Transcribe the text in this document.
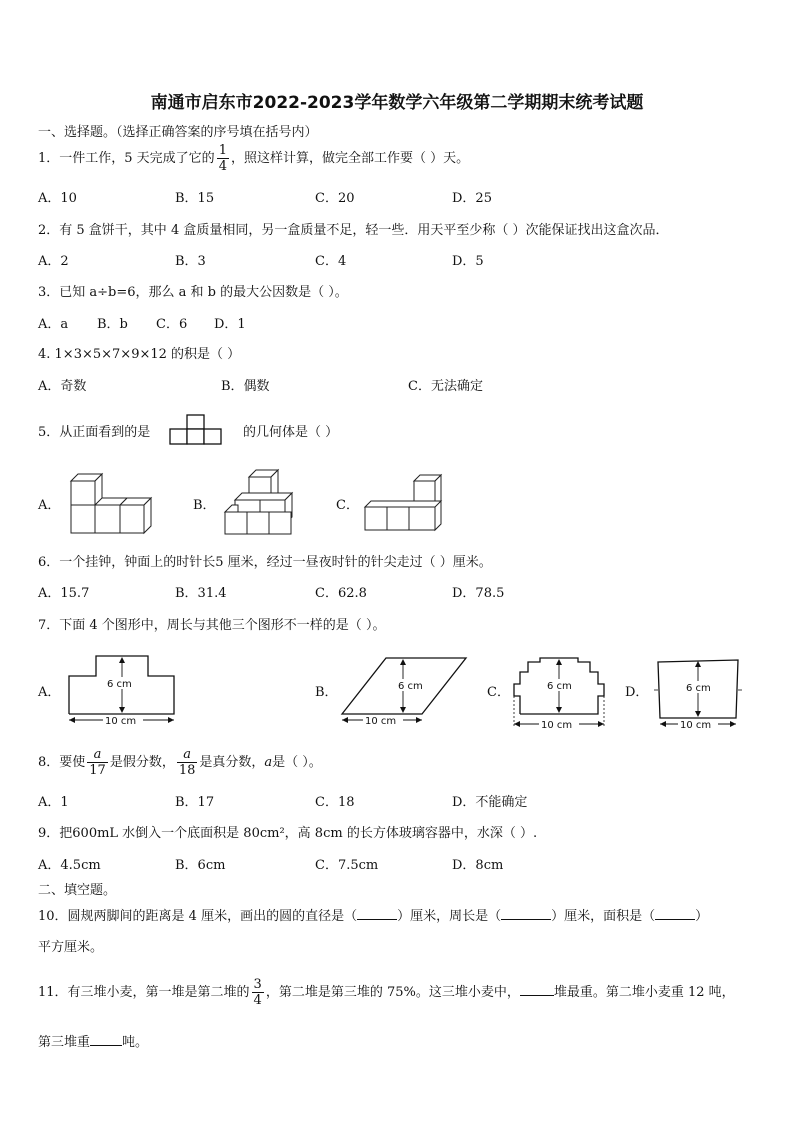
南通市启东市2022-2023学年数学六年级第二学期期末统考试题
一、选择题。（选择正确答案的序号填在括号内）
1．一件工作，5 天完成了它的 $\frac{1}{4}$ ，照这样计算，做完全部工作要（ ）天。
A．10	B．15	C．20	D．25
2．有 5 盒饼干，其中 4 盒质量相同，另一盒质量不足，轻一些．用天平至少称（ ）次能保证找出这盒次品．
A．2	B．3	C．4	D．5
3．已知 a÷b=6，那么 a 和 b 的最大公因数是（ ）。
A．a B．b C．6 D．1
4. 1×3×5×7×9×12 的积是（ ）
A．奇数	B．偶数	C．无法确定
5．从正面看到的是	的几何体是（ ）
A．	B．	C．
6．一个挂钟，钟面上的时针长5 厘米，经过一昼夜时针的针尖走过（ ）厘米。
A．15.7	B．31.4	C．62.8	D．78.5
7．下面 4 个图形中，周长与其他三个图形不一样的是（ ）。
A．
6 cm
10 cm
B．	6 cm
10 cm
C．	6 cm
10 cm
D．	6 cm
10 cm
8．要使 $\frac{a}{17}$ 是假分数， $\frac{a}{18}$ 是真分数，a是（ ）。
A．1	B．17	C．18	D．不能确定
9．把600mL 水倒入一个底面积是 80cm²，高 8cm 的长方体玻璃容器中，水深（ ）.
A．4.5cm	B．6cm	C．7.5cm	D．8cm
二、填空题。
10．圆规两脚间的距离是 4 厘米，画出的圆的直径是（	）厘米，周长是（	）厘米，面积是（	）
平方厘米。
11．有三堆小麦，第一堆是第二堆的 $\frac{3}{4}$ ，第二堆是第三堆的 75%。这三堆小麦中，	堆最重。第二堆小麦重 12 吨，
第三堆重 吨。
